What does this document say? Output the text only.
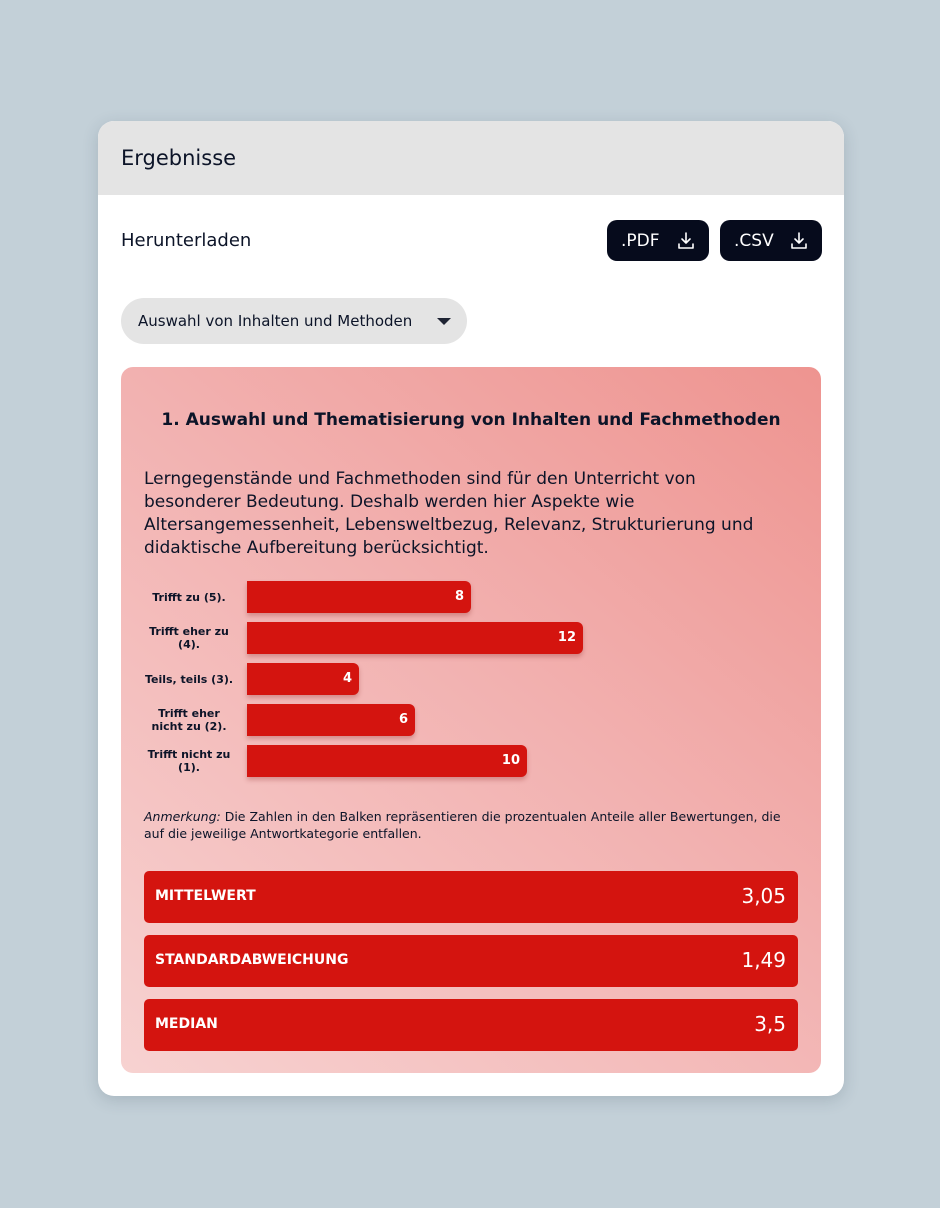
Ergebnisse
Herunterladen	.PDF	.CSV
Auswahl von Inhalten und Methoden
1. Auswahl und Thematisierung von Inhalten und Fachmethoden
Lerngegenstände und Fachmethoden sind für den Unterricht von besonderer Bedeutung. Deshalb werden hier Aspekte wie Altersangemessenheit, Lebensweltbezug, Relevanz, Strukturierung und didaktische Aufbereitung berücksichtigt.
Trifft zu (5).	8
Trifft eher zu (4).	12
Teils, teils (3).	4
Trifft eher nicht zu (2).	6
Trifft nicht zu (1).	10
Anmerkung: Die Zahlen in den Balken repräsentieren die prozentualen Anteile aller Bewertungen, die auf die jeweilige Antwortkategorie entfallen.
MITTELWERT	3,05
STANDARDABWEICHUNG	1,49
MEDIAN	3,5
